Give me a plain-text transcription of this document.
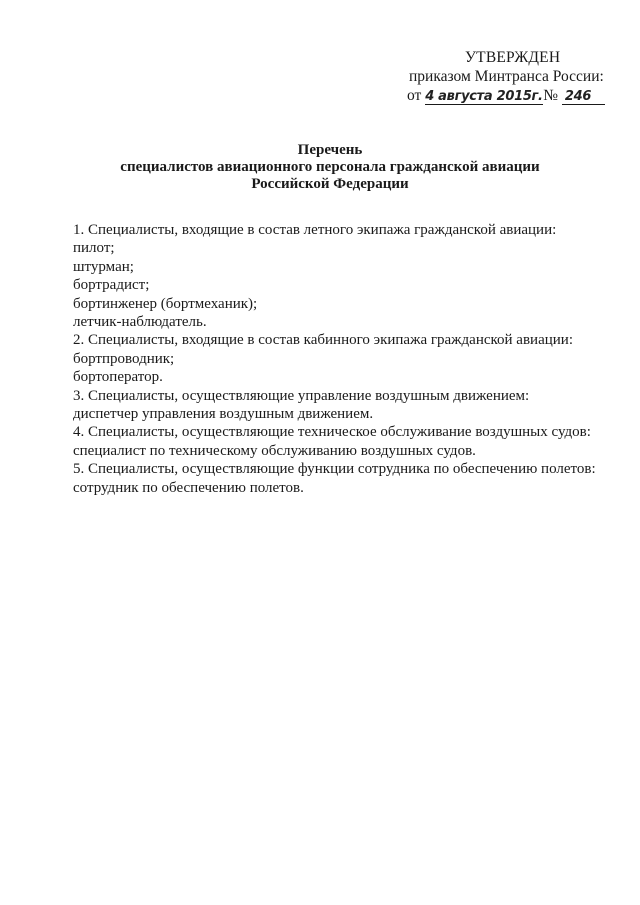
УТВЕРЖДЕН
приказом Минтранса России:
от 4 августа 2015г.№ 246
Перечень
специалистов авиационного персонала гражданской авиации
Российской Федерации
1. Специалисты, входящие в состав летного экипажа гражданской авиации:
пилот;
штурман;
бортрадист;
бортинженер (бортмеханик);
летчик-наблюдатель.
2. Специалисты, входящие в состав кабинного экипажа гражданской авиации:
бортпроводник;
бортоператор.
3. Специалисты, осуществляющие управление воздушным движением:
диспетчер управления воздушным движением.
4. Специалисты, осуществляющие техническое обслуживание воздушных судов:
специалист по техническому обслуживанию воздушных судов.
5. Специалисты, осуществляющие функции сотрудника по обеспечению полетов:
сотрудник по обеспечению полетов.
